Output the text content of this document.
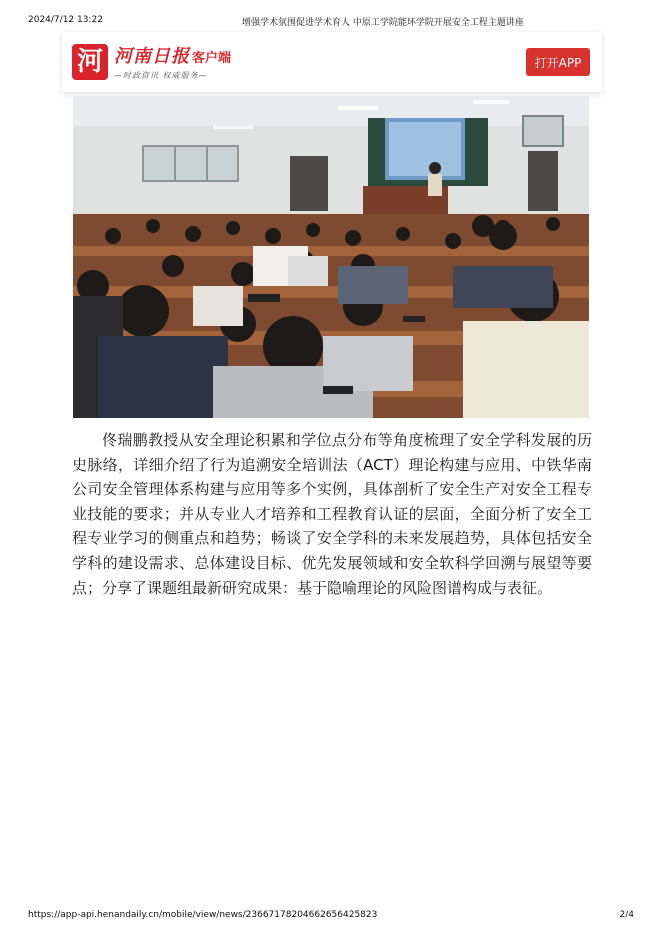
2024/7/12 13:22	增强学术氛围促进学术育人 中原工学院能环学院开展安全工程主题讲座
河 河南日报 客户端
—时政资讯 权威服务—
打开APP

佟瑞鹏教授从安全理论积累和学位点分布等角度梳理了安全学科发展的历史脉络，详细介绍了行为追溯安全培训法（ACT）理论构建与应用、中铁华南公司安全管理体系构建与应用等多个实例，具体剖析了安全生产对安全工程专业技能的要求；并从专业人才培养和工程教育认证的层面，全面分析了安全工程专业学习的侧重点和趋势；畅谈了安全学科的未来发展趋势，具体包括安全学科的建设需求、总体建设目标、优先发展领域和安全软科学回溯与展望等要点；分享了课题组最新研究成果：基于隐喻理论的风险图谱构成与表征。

https://app-api.henandaily.cn/mobile/view/news/2366717820466265​6425823	2/4
